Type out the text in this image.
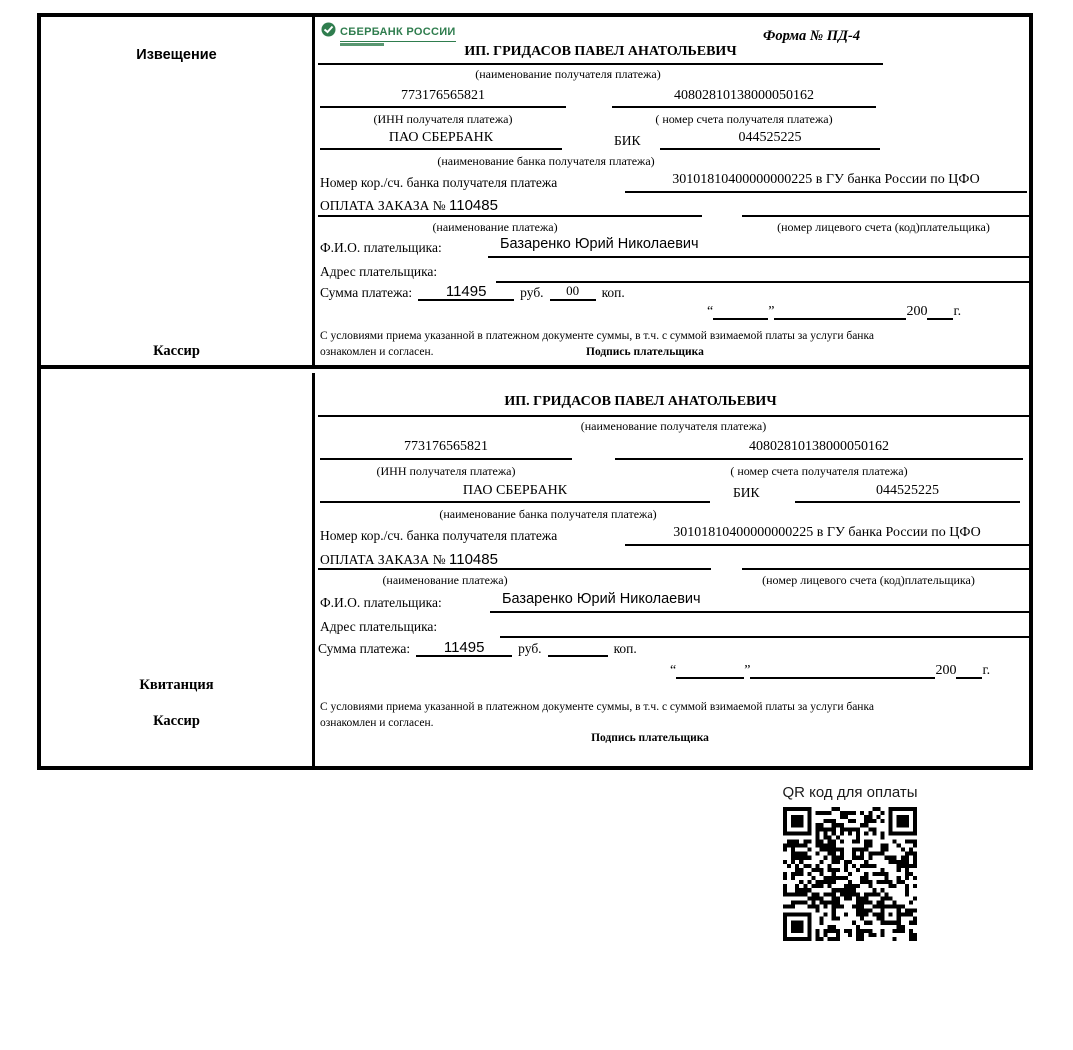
Извещение
Кассир
СБЕРБАНК РОССИИ	Форма № ПД-4
ИП. ГРИДАСОВ ПАВЕЛ АНАТОЛЬЕВИЧ
(наименование получателя платежа)
773176565821	40802810138000050162
(ИНН получателя платежа)	( номер счета получателя платежа)
ПАО СБЕРБАНК	БИК	044525225
(наименование банка получателя платежа)
Номер кор./сч. банка получателя платежа	30101810400000000225 в ГУ банка России по ЦФО
ОПЛАТА ЗАКАЗА № 110485
(наименование платежа)	(номер лицевого счета (код)плательщика)
Ф.И.О. плательщика:	Базаренко Юрий Николаевич
Адрес плательщика:
Сумма платежа:	11495	руб.	00	коп.
“	”	200 г.
С условиями приема указанной в платежном документе суммы, в т.ч. с суммой взимаемой платы за услуги банка
ознакомлен и согласен.	Подпись плательщика
Квитанция
Кассир
ИП. ГРИДАСОВ ПАВЕЛ АНАТОЛЬЕВИЧ
(наименование получателя платежа)
773176565821	40802810138000050162
(ИНН получателя платежа)	( номер счета получателя платежа)
ПАО СБЕРБАНК	БИК	044525225
(наименование банка получателя платежа)
Номер кор./сч. банка получателя платежа	30101810400000000225 в ГУ банка России по ЦФО
ОПЛАТА ЗАКАЗА № 110485
(наименование платежа)	(номер лицевого счета (код)плательщика)
Ф.И.О. плательщика:	Базаренко Юрий Николаевич
Адрес плательщика:
Сумма платежа:	11495	руб.	коп.
“	”	200 г.
С условиями приема указанной в платежном документе суммы, в т.ч. с суммой взимаемой платы за услуги банка
ознакомлен и согласен.
Подпись плательщика
QR код для оплаты
